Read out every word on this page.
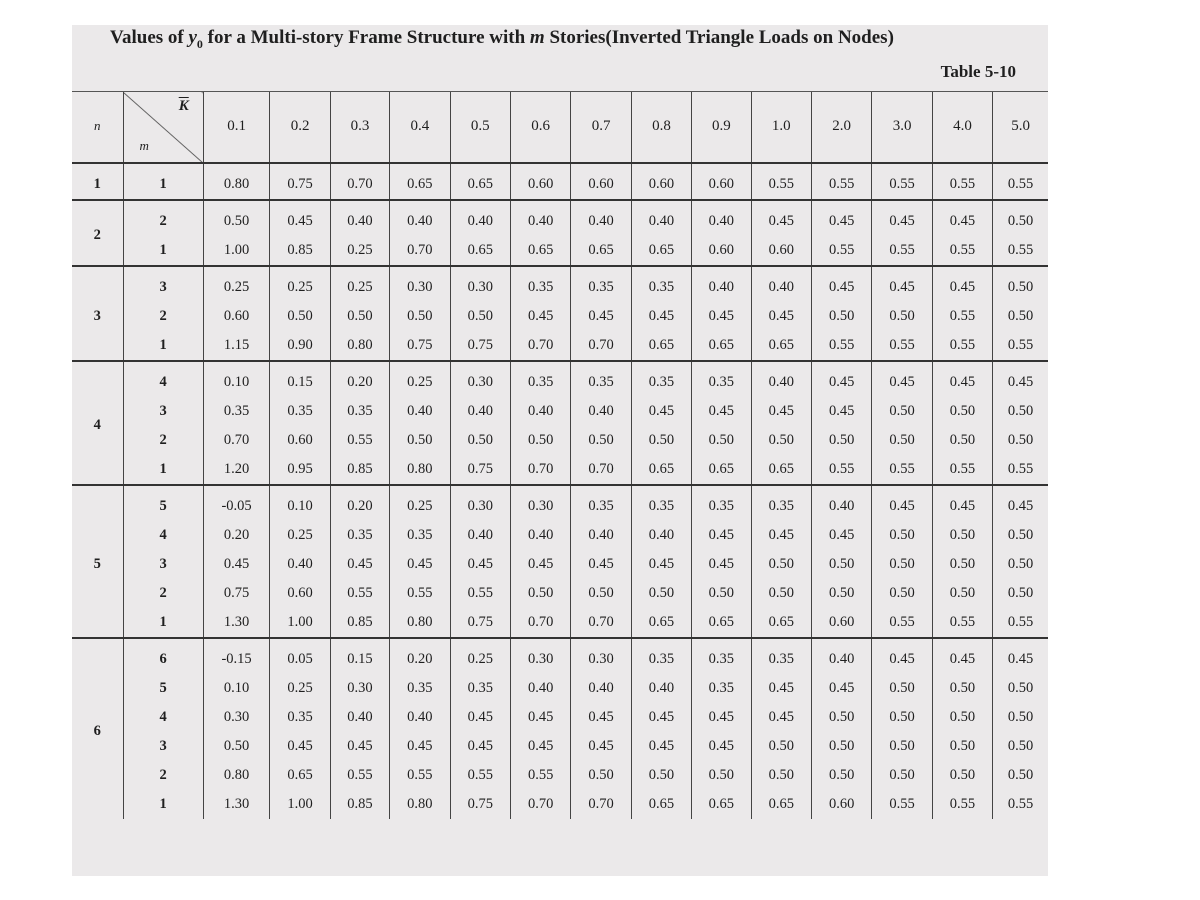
Values of $y_0$ for a Multi-story Frame Structure with m Stories(Inverted Triangle Loads on Nodes)
Table 5-10
n	$\overline{K}$
m	0.1	0.2	0.3	0.4	0.5	0.6	0.7	0.8	0.9	1.0	2.0	3.0	4.0	5.0
1	1	0.80	0.75	0.70	0.65	0.65	0.60	0.60	0.60	0.60	0.55	0.55	0.55	0.55	0.55
2	2	0.50	0.45	0.40	0.40	0.40	0.40	0.40	0.40	0.40	0.45	0.45	0.45	0.45	0.50
	1	1.00	0.85	0.25	0.70	0.65	0.65	0.65	0.65	0.60	0.60	0.55	0.55	0.55	0.55
3	3	0.25	0.25	0.25	0.30	0.30	0.35	0.35	0.35	0.40	0.40	0.45	0.45	0.45	0.50
	2	0.60	0.50	0.50	0.50	0.50	0.45	0.45	0.45	0.45	0.45	0.50	0.50	0.55	0.50
	1	1.15	0.90	0.80	0.75	0.75	0.70	0.70	0.65	0.65	0.65	0.55	0.55	0.55	0.55
4	4	0.10	0.15	0.20	0.25	0.30	0.35	0.35	0.35	0.35	0.40	0.45	0.45	0.45	0.45
	3	0.35	0.35	0.35	0.40	0.40	0.40	0.40	0.45	0.45	0.45	0.45	0.50	0.50	0.50
	2	0.70	0.60	0.55	0.50	0.50	0.50	0.50	0.50	0.50	0.50	0.50	0.50	0.50	0.50
	1	1.20	0.95	0.85	0.80	0.75	0.70	0.70	0.65	0.65	0.65	0.55	0.55	0.55	0.55
5	5	-0.05	0.10	0.20	0.25	0.30	0.30	0.35	0.35	0.35	0.35	0.40	0.45	0.45	0.45
	4	0.20	0.25	0.35	0.35	0.40	0.40	0.40	0.40	0.45	0.45	0.45	0.50	0.50	0.50
	3	0.45	0.40	0.45	0.45	0.45	0.45	0.45	0.45	0.45	0.50	0.50	0.50	0.50	0.50
	2	0.75	0.60	0.55	0.55	0.55	0.50	0.50	0.50	0.50	0.50	0.50	0.50	0.50	0.50
	1	1.30	1.00	0.85	0.80	0.75	0.70	0.70	0.65	0.65	0.65	0.60	0.55	0.55	0.55
6	6	-0.15	0.05	0.15	0.20	0.25	0.30	0.30	0.35	0.35	0.35	0.40	0.45	0.45	0.45
	5	0.10	0.25	0.30	0.35	0.35	0.40	0.40	0.40	0.35	0.45	0.45	0.50	0.50	0.50
	4	0.30	0.35	0.40	0.40	0.45	0.45	0.45	0.45	0.45	0.45	0.50	0.50	0.50	0.50
	3	0.50	0.45	0.45	0.45	0.45	0.45	0.45	0.45	0.45	0.50	0.50	0.50	0.50	0.50
	2	0.80	0.65	0.55	0.55	0.55	0.55	0.50	0.50	0.50	0.50	0.50	0.50	0.50	0.50
	1	1.30	1.00	0.85	0.80	0.75	0.70	0.70	0.65	0.65	0.65	0.60	0.55	0.55	0.55
